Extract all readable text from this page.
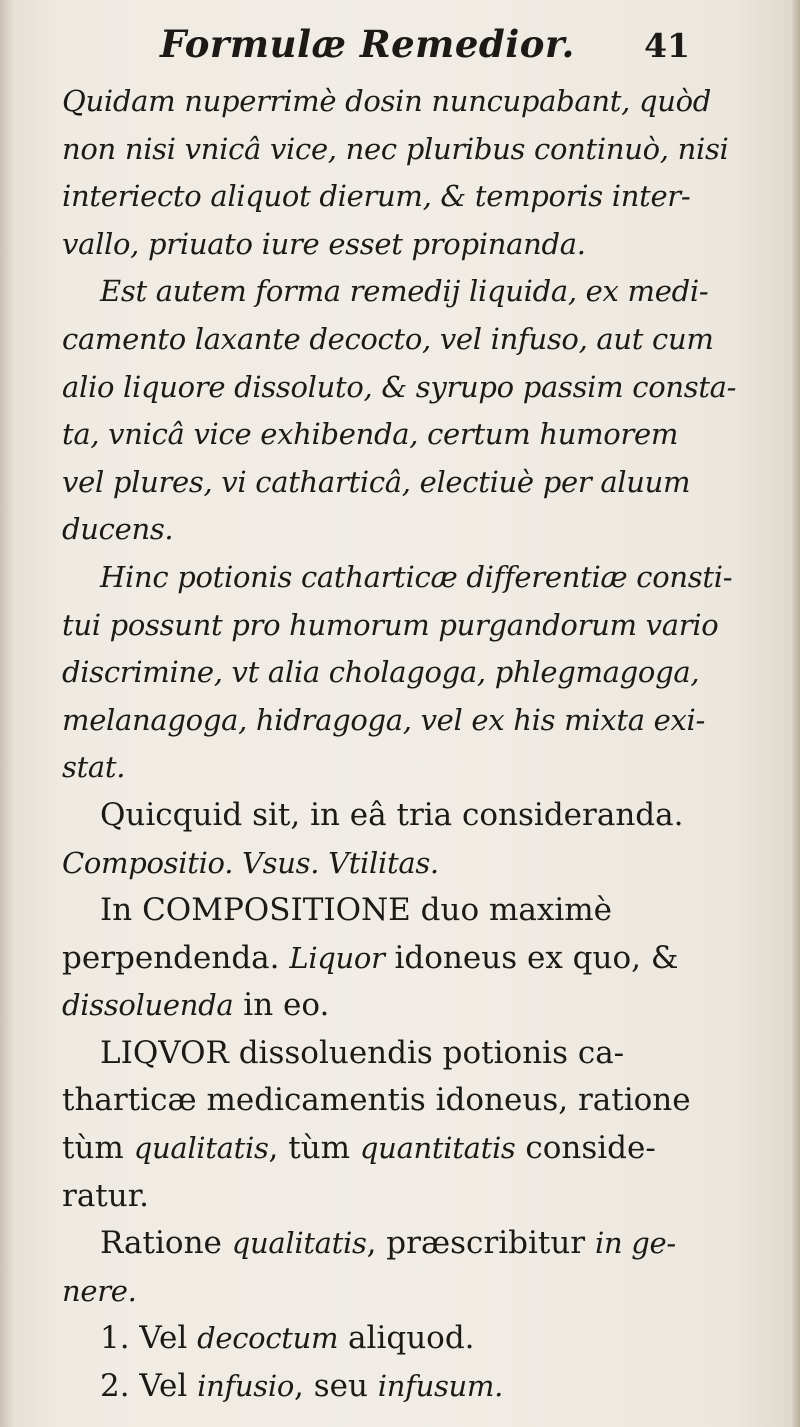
Formulæ Remedior. 41
Quidam nuperrimè dosin nuncupabant, quòd
non nisi vnicâ vice, nec pluribus continuò, nisi
interiecto aliquot dierum, & temporis inter-
vallo, priuato iure esset propinanda.
Est autem forma remedij liquida, ex medi-
camento laxante decocto, vel infuso, aut cum
alio liquore dissoluto, & syrupo passim consta-
ta, vnicâ vice exhibenda, certum humorem
vel plures, vi catharticâ, electiuè per aluum
ducens.
Hinc potionis catharticæ differentiæ consti-
tui possunt pro humorum purgandorum vario
discrimine, vt alia cholagoga, phlegmagoga,
melanagoga, hidragoga, vel ex his mixta exi-
stat.
Quicquid sit, in eâ tria consideranda.
Compositio. Vsus. Vtilitas.
In COMPOSITIONE duo maximè
perpendenda. Liquor idoneus ex quo, &
dissoluenda in eo.
LIQVOR dissoluendis potionis ca-
tharticæ medicamentis idoneus, ratione
tùm qualitatis, tùm quantitatis conside-
ratur.
Ratione qualitatis, præscribitur in ge-
nere.
1. Vel decoctum aliquod.
2. Vel infusio, seu infusum.
